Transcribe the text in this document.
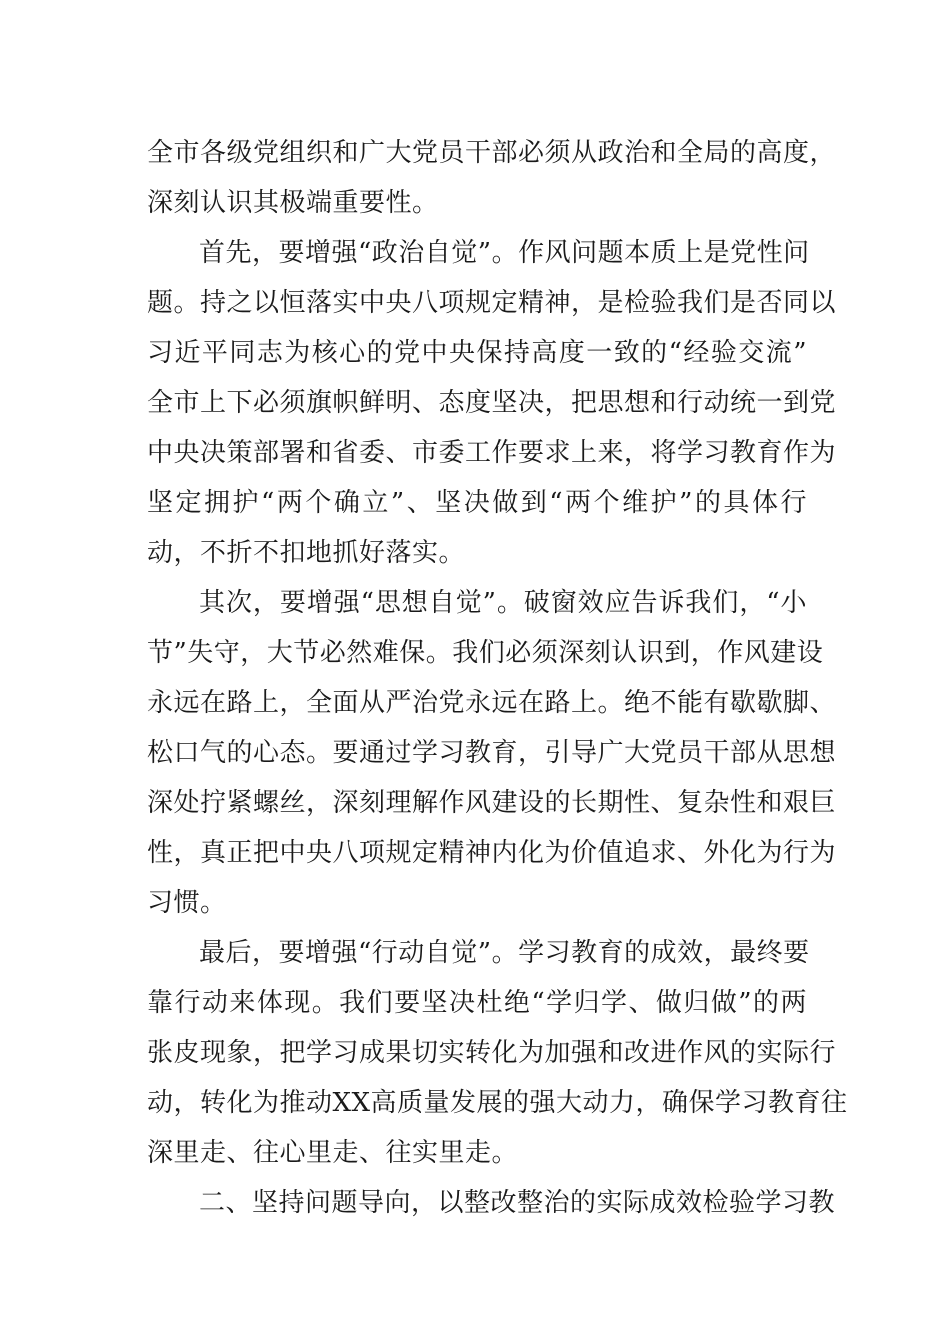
全市各级党组织和广大党员干部必须从政治和全局的高度，
深刻认识其极端重要性。
首先，要增强“政治自觉”。作风问题本质上是党性问
题。持之以恒落实中央八项规定精神，是检验我们是否同以
习近平同志为核心的党中央保持高度一致的“经验交流”
全市上下必须旗帜鲜明、态度坚决，把思想和行动统一到党
中央决策部署和省委、市委工作要求上来，将学习教育作为
坚定拥护“两个确立”、坚决做到“两个维护”的具体行
动，不折不扣地抓好落实。
其次，要增强“思想自觉”。破窗效应告诉我们，“小
节”失守，大节必然难保。我们必须深刻认识到，作风建设
永远在路上，全面从严治党永远在路上。绝不能有歇歇脚、
松口气的心态。要通过学习教育，引导广大党员干部从思想
深处拧紧螺丝，深刻理解作风建设的长期性、复杂性和艰巨
性，真正把中央八项规定精神内化为价值追求、外化为行为
习惯。
最后，要增强“行动自觉”。学习教育的成效，最终要
靠行动来体现。我们要坚决杜绝“学归学、做归做”的两
张皮现象，把学习成果切实转化为加强和改进作风的实际行
动，转化为推动XX高质量发展的强大动力，确保学习教育往
深里走、往心里走、往实里走。
二、坚持问题导向，以整改整治的实际成效检验学习教
